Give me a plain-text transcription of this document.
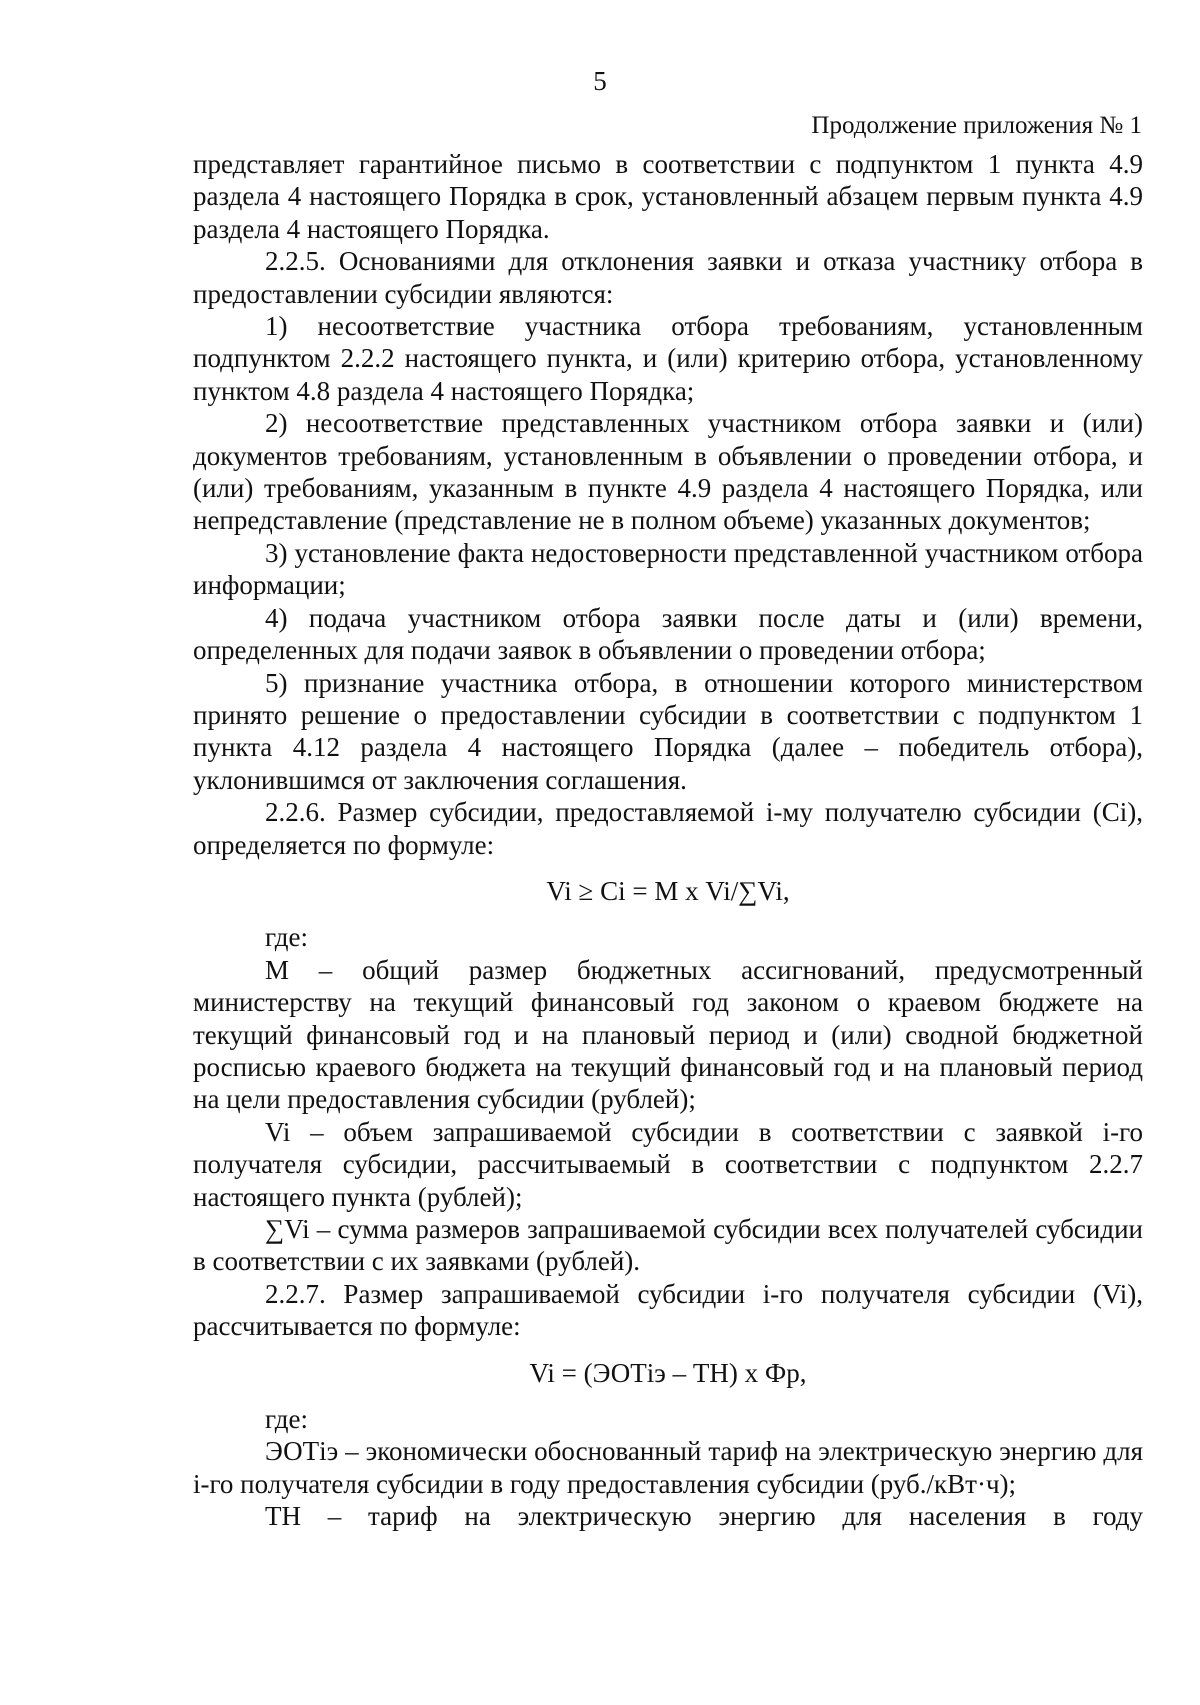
5
Продолжение приложения № 1

представляет гарантийное письмо в соответствии с подпунктом 1 пункта 4.9 раздела 4 настоящего Порядка в срок, установленный абзацем первым пункта 4.9 раздела 4 настоящего Порядка.

2.2.5. Основаниями для отклонения заявки и отказа участнику отбора в предоставлении субсидии являются:

1) несоответствие участника отбора требованиям, установленным подпунктом 2.2.2 настоящего пункта, и (или) критерию отбора, установленному пунктом 4.8 раздела 4 настоящего Порядка;

2) несоответствие представленных участником отбора заявки и (или) документов требованиям, установленным в объявлении о проведении отбора, и (или) требованиям, указанным в пункте 4.9 раздела 4 настоящего Порядка, или непредставление (представление не в полном объеме) указанных документов;

3) установление факта недостоверности представленной участником отбора информации;

4) подача участником отбора заявки после даты и (или) времени, определенных для подачи заявок в объявлении о проведении отбора;

5) признание участника отбора, в отношении которого министерством принято решение о предоставлении субсидии в соответствии с подпунктом 1 пункта 4.12 раздела 4 настоящего Порядка (далее – победитель отбора), уклонившимся от заключения соглашения.

2.2.6. Размер субсидии, предоставляемой i-му получателю субсидии (Сi), определяется по формуле:

Vi ≥ Сi = М х Vi/∑Vi,

где:

М – общий размер бюджетных ассигнований, предусмотренный министерству на текущий финансовый год законом о краевом бюджете на текущий финансовый год и на плановый период и (или) сводной бюджетной росписью краевого бюджета на текущий финансовый год и на плановый период на цели предоставления субсидии (рублей);

Vi – объем запрашиваемой субсидии в соответствии с заявкой i-го получателя субсидии, рассчитываемый в соответствии с подпунктом 2.2.7 настоящего пункта (рублей);

∑Vi – сумма размеров запрашиваемой субсидии всех получателей субсидии в соответствии с их заявками (рублей).

2.2.7. Размер запрашиваемой субсидии i-го получателя субсидии (Vi), рассчитывается по формуле:

Vi = (ЭОТiэ – ТН) х Фр,

где:

ЭОТiэ – экономически обоснованный тариф на электрическую энергию для i-го получателя субсидии в году предоставления субсидии (руб./кВт·ч);

ТН – тариф на электрическую энергию для населения в году
